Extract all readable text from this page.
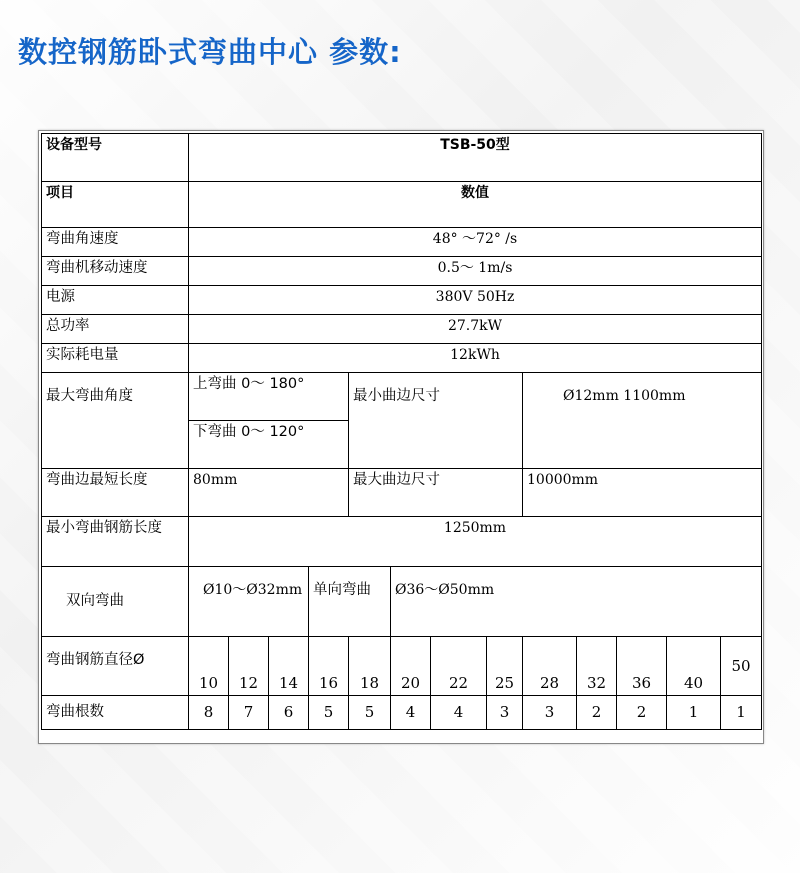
数控钢筋卧式弯曲中心 参数:
设备型号	TSB-50型												
项目	数值												
弯曲角速度	48° ～72° /s												
弯曲机移动速度	0.5～ 1m/s												
电源	380V 50Hz												
总功率	27.7kW												
实际耗电量	12kWh												
最大弯曲角度	上弯曲 0～ 180°				最小曲边尺寸				Ø12mm 1100mm				
	下弯曲 0～ 120°												
弯曲边最短长度	80mm				最大曲边尺寸				10000mm				
最小弯曲钢筋长度	1250mm												
双向弯曲	Ø10～Ø32mm			单向弯曲		Ø36～Ø50mm							
弯曲钢筋直径Ø	10	12	14	16	18	20	22	25	28	32	36	40	50
弯曲根数	8	7	6	5	5	4	4	3	3	2	2	1	1
